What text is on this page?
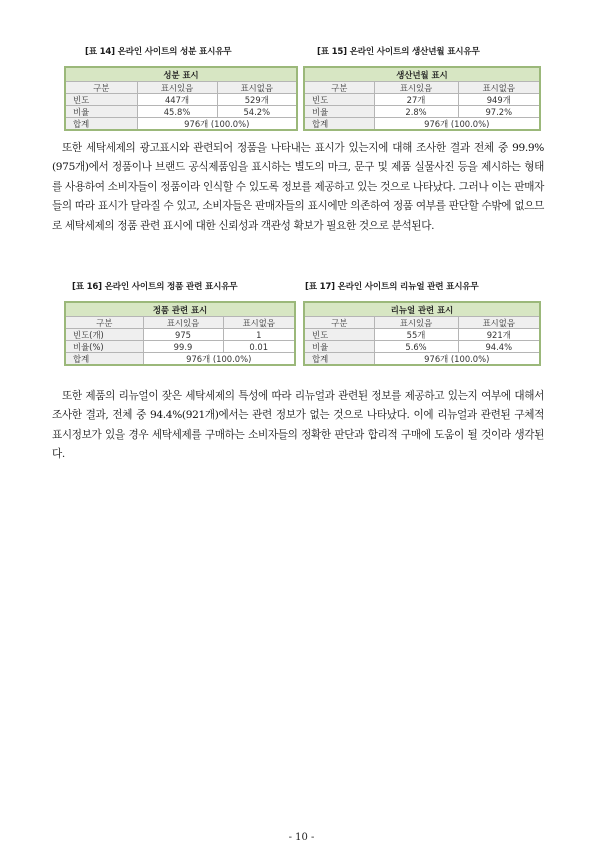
[표 14] 온라인 사이트의 성분 표시유무
성분 표시		
구분	표시있음	표시없음
빈도	447개	529개
비율	45.8%	54.2%
합계	976개 (100.0%)	
[표 15] 온라인 사이트의 생산년월 표시유무
생산년월 표시		
구분	표시있음	표시없음
빈도	27개	949개
비율	2.8%	97.2%
합계	976개 (100.0%)	
또한 세탁세제의 광고표시와 관련되어 정품을 나타내는 표시가 있는지에 대해 조사한 결과 전체 중 99.9%(975개)에서 정품이나 브랜드 공식제품임을 표시하는 별도의 마크, 문구 및 제품 실물사진 등을 제시하는 형태를 사용하여 소비자들이 정품이라 인식할 수 있도록 정보를 제공하고 있는 것으로 나타났다. 그러나 이는 판매자들의 따라 표시가 달라질 수 있고, 소비자들은 판매자들의 표시에만 의존하여 정품 여부를 판단할 수밖에 없으므로 세탁세제의 정품 관련 표시에 대한 신뢰성과 객관성 확보가 필요한 것으로 분석된다.
[표 16] 온라인 사이트의 정품 관련 표시유무
정품 관련 표시		
구분	표시있음	표시없음
빈도(개)	975	1
비율(%)	99.9	0.01
합계	976개 (100.0%)	
[표 17] 온라인 사이트의 리뉴얼 관련 표시유무
리뉴얼 관련 표시		
구분	표시있음	표시없음
빈도	55개	921개
비율	5.6%	94.4%
합계	976개 (100.0%)	
또한 제품의 리뉴얼이 잦은 세탁세제의 특성에 따라 리뉴얼과 관련된 정보를 제공하고 있는지 여부에 대해서 조사한 결과, 전체 중 94.4%(921개)에서는 관련 정보가 없는 것으로 나타났다. 이에 리뉴얼과 관련된 구체적 표시정보가 있을 경우 세탁세제를 구매하는 소비자들의 정확한 판단과 합리적 구매에 도움이 될 것이라 생각된다.
- 10 -
